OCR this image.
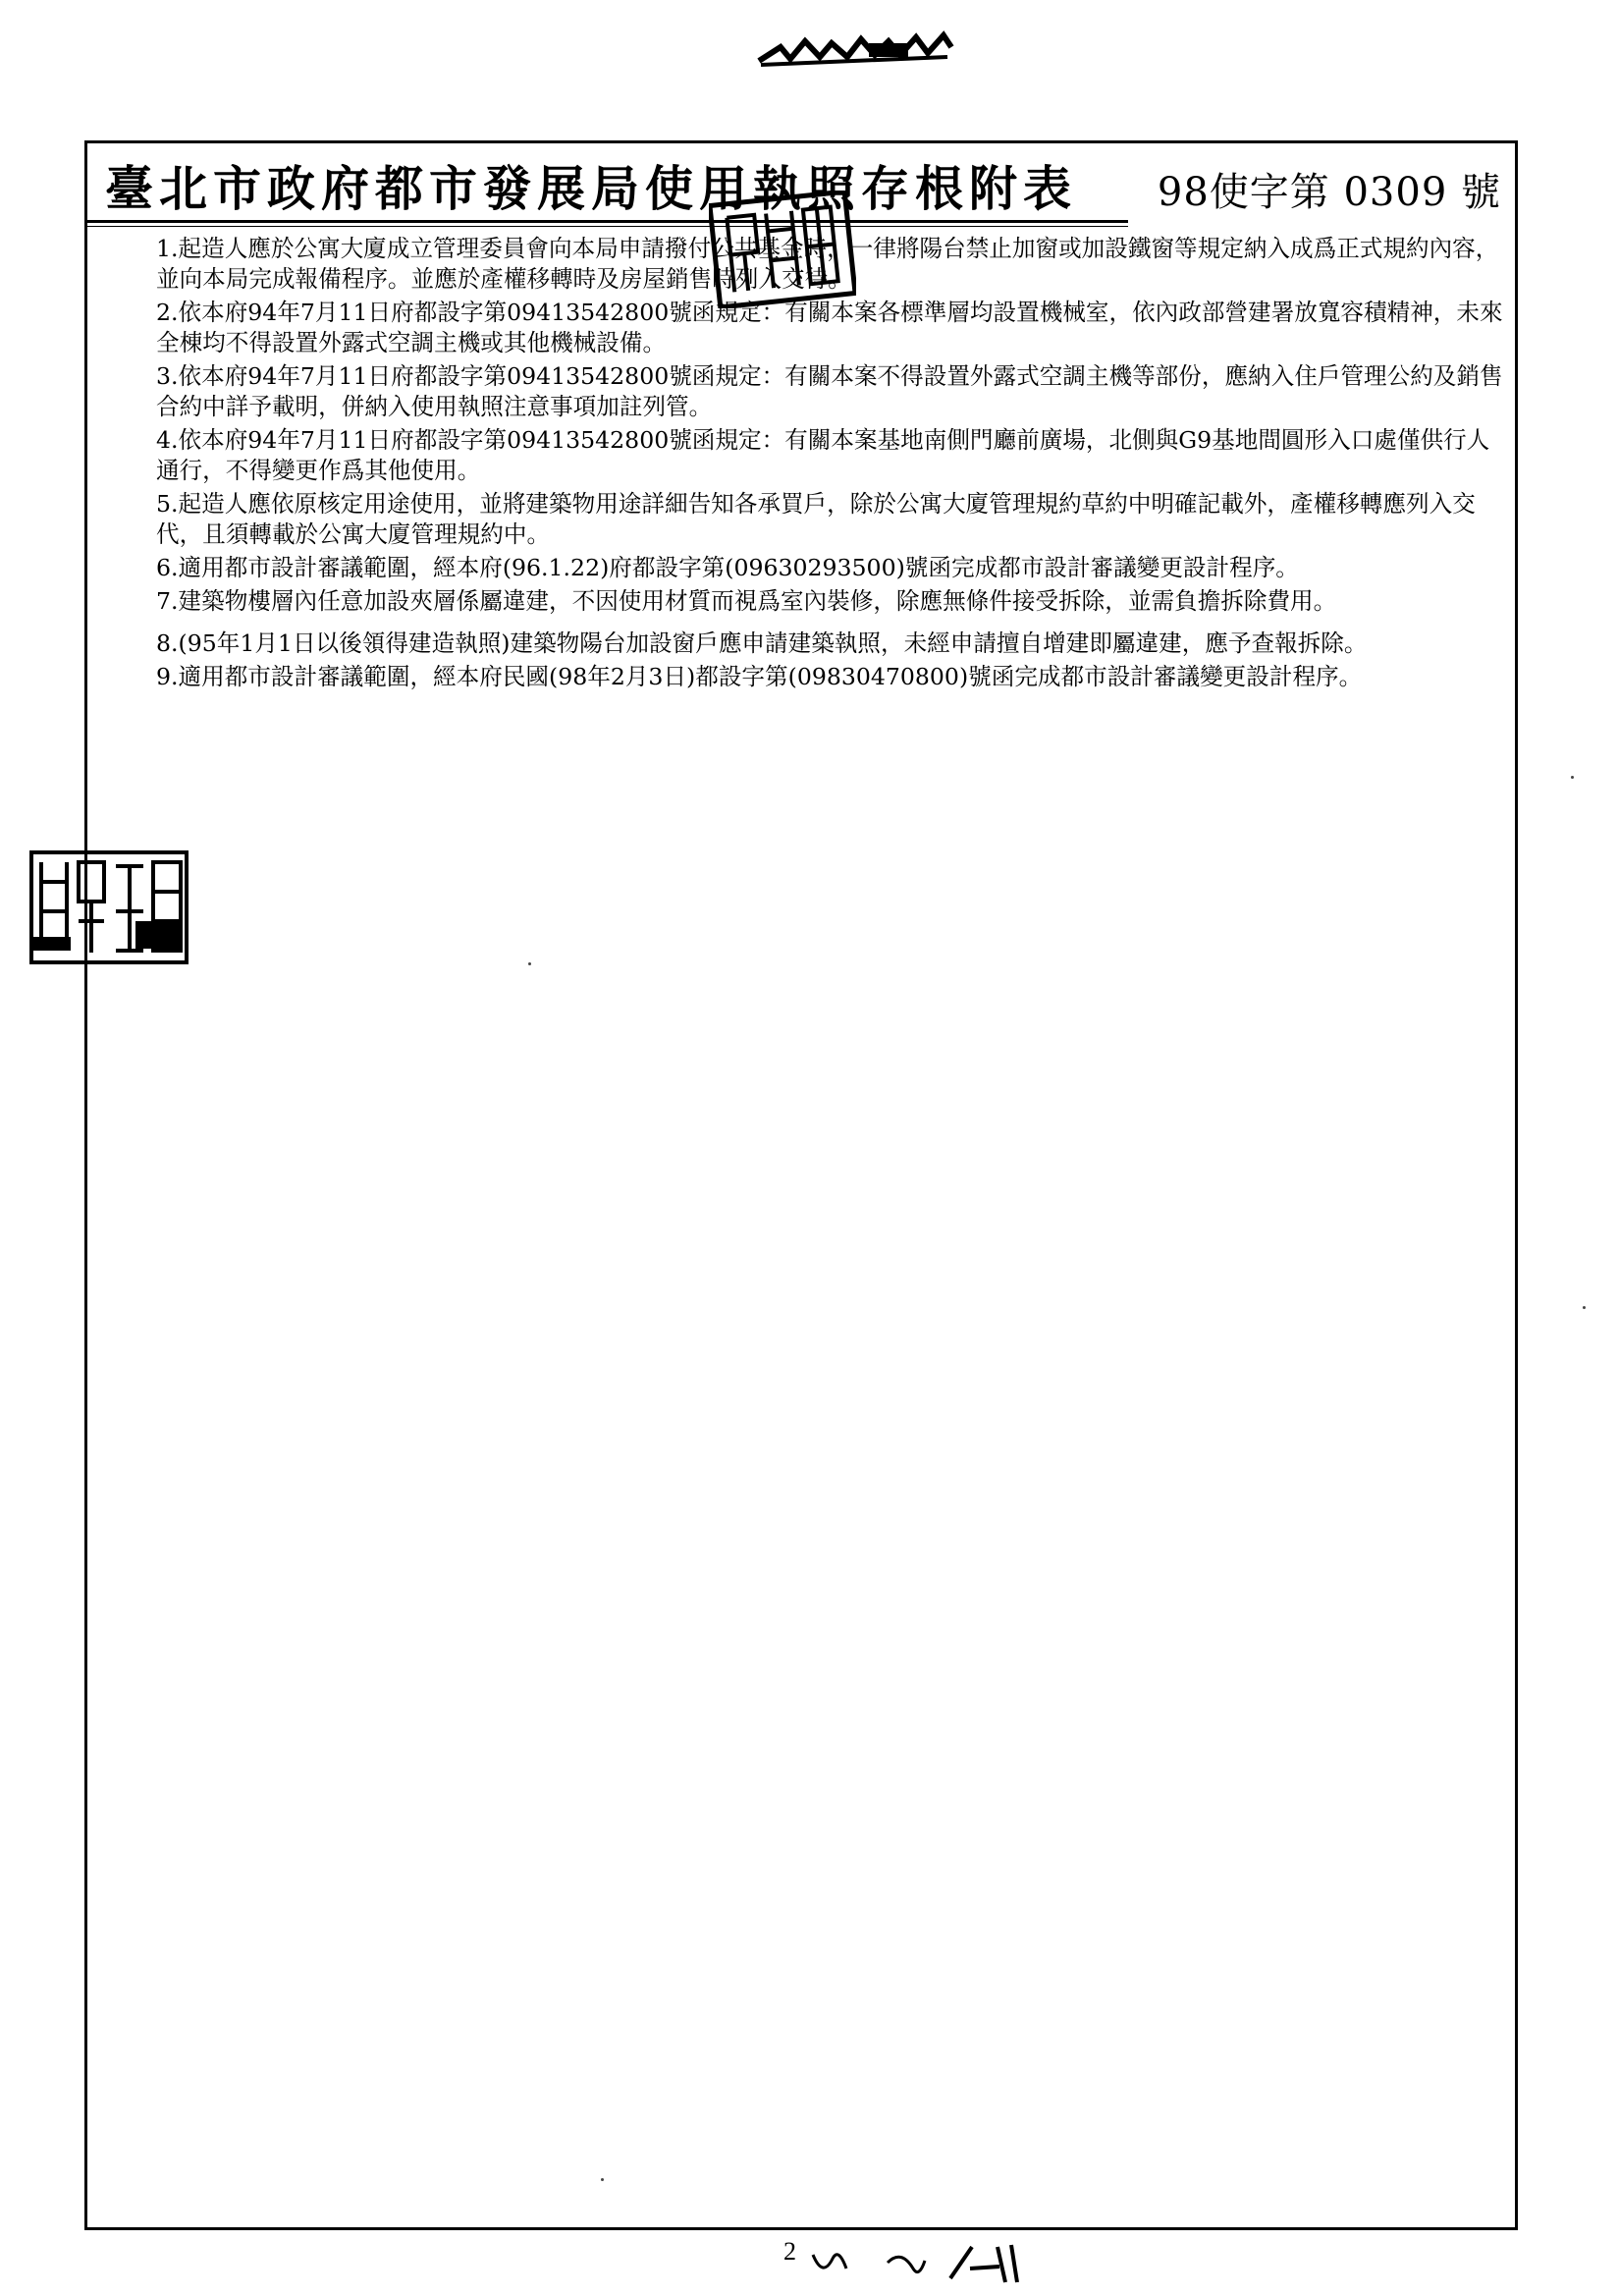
臺北市政府都市發展局使用執照存根附表 98使字第 0309 號
1.起造人應於公寓大廈成立管理委員會向本局申請撥付公共基金時，一律將陽台禁止加窗或加設鐵窗等規定納入成爲正式規約內容，並向本局完成報備程序。並應於產權移轉時及房屋銷售時列入交待。
2.依本府94年7月11日府都設字第09413542800號函規定：有關本案各標準層均設置機械室，依內政部營建署放寬容積精神，未來全棟均不得設置外露式空調主機或其他機械設備。
3.依本府94年7月11日府都設字第09413542800號函規定：有關本案不得設置外露式空調主機等部份，應納入住戶管理公約及銷售合約中詳予載明，併納入使用執照注意事項加註列管。
4.依本府94年7月11日府都設字第09413542800號函規定：有關本案基地南側門廳前廣場，北側與G9基地間圓形入口處僅供行人通行，不得變更作爲其他使用。
5.起造人應依原核定用途使用，並將建築物用途詳細告知各承買戶，除於公寓大廈管理規約草約中明確記載外，產權移轉應列入交代，且須轉載於公寓大廈管理規約中。
6.適用都市設計審議範圍，經本府(96.1.22)府都設字第(09630293500)號函完成都市設計審議變更設計程序。
7.建築物樓層內任意加設夾層係屬違建，不因使用材質而視爲室內裝修，除應無條件接受拆除，並需負擔拆除費用。
8.(95年1月1日以後領得建造執照)建築物陽台加設窗戶應申請建築執照，未經申請擅自增建即屬違建，應予查報拆除。
9.適用都市設計審議範圍，經本府民國(98年2月3日)都設字第(09830470800)號函完成都市設計審議變更設計程序。
2
